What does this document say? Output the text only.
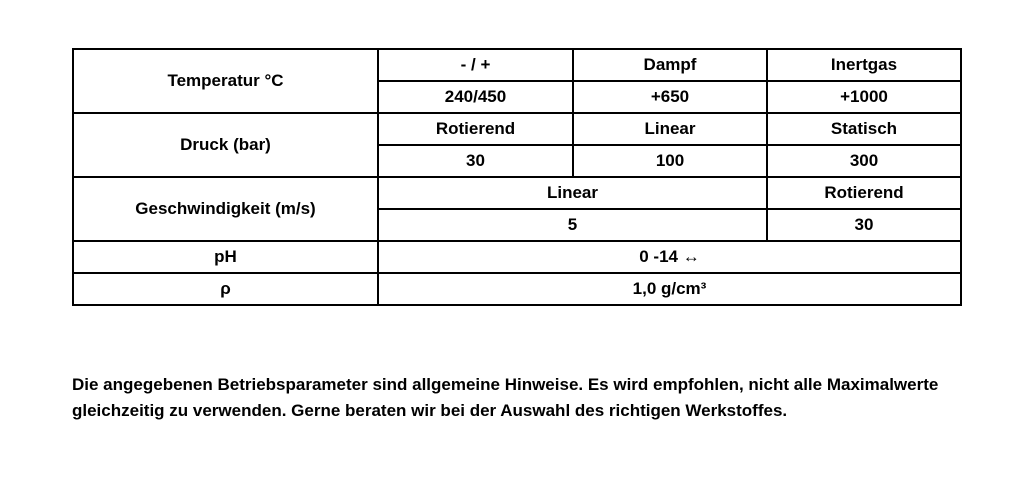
Temperatur °C	- / +	Dampf	Inertgas
	240/450	+650	+1000
Druck (bar)	Rotierend	Linear	Statisch
	30	100	300
Geschwindigkeit (m/s)	Linear		Rotierend
	5		30
pH	0 -14 ↔		
ρ	1,0 g/cm³		
Die angegebenen Betriebsparameter sind allgemeine Hinweise. Es wird empfohlen, nicht alle Maximalwerte gleichzeitig zu verwenden. Gerne beraten wir bei der Auswahl des richtigen Werkstoffes.
